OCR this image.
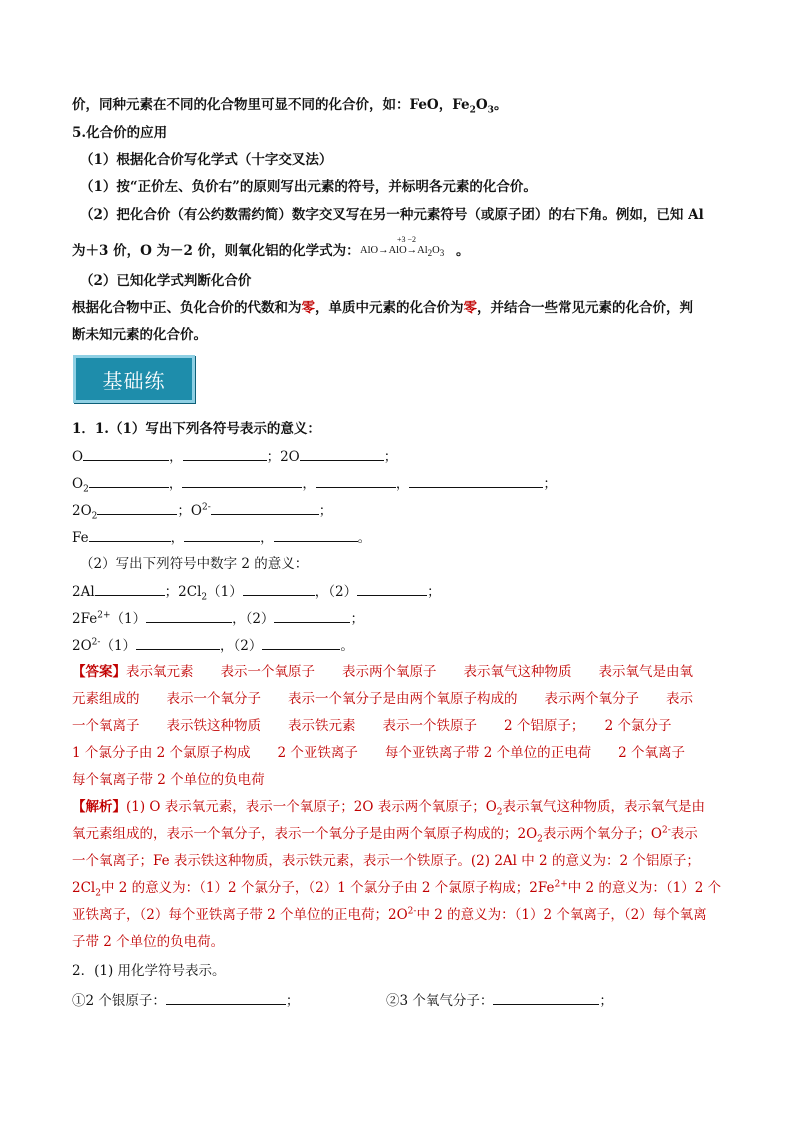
价，同种元素在不同的化合物里可显不同的化合价，如：FeO，$Fe_2O_3$。
5.化合价的应用
（1）根据化合价写化学式（十字交叉法）
（1）按“正价左、负价右”的原则写出元素的符号，并标明各元素的化合价。
（2）把化合价（有公约数需约简）数字交叉写在另一种元素符号（或原子团）的右下角。例如，已知 Al
为＋3 价，O 为－2 价，则氧化铝的化学式为：
+3 −2
$AlO\to AlO\to Al_2O_3$ 。
（2）已知化学式判断化合价
根据化合物中正、负化合价的代数和为零，单质中元素的化合价为零，并结合一些常见元素的化合价，判
断未知元素的化合价。
基础练
1．1.（1）写出下列各符号表示的意义：
O	，	；2O	；
$O_2$	，	，	，	；
$2O_2$	；$O^{2-}$	；
Fe	，	，	。
（2）写出下列符号中数字 2 的意义：
2Al	；$2Cl_2(1)$	，（2）	；
$2Fe^{2+}(1)$	，（2）	；
$2O^{2-}(1)$	，（2）	。
【答案】表示氧元素　　表示一个氧原子　　表示两个氧原子　　表示氧气这种物质　　表示氧气是由氧
元素组成的　　表示一个氧分子　　表示一个氧分子是由两个氧原子构成的　　表示两个氧分子　　表示
一个氧离子　　表示铁这种物质　　表示铁元素　　表示一个铁原子　　2 个铝原子；　　2 个氯分子
1 个氯分子由 2 个氯原子构成　　2 个亚铁离子　　每个亚铁离子带 2 个单位的正电荷　　2 个氧离子
每个氧离子带 2 个单位的负电荷
【解析】(1) O 表示氧元素，表示一个氧原子；2O 表示两个氧原子；$O_2$表示氧气这种物质，表示氧气是由
氧元素组成的，表示一个氧分子，表示一个氧分子是由两个氧原子构成的；$2O_2$表示两个氧分子；$O^{2-}$表示
一个氧离子；Fe 表示铁这种物质，表示铁元素，表示一个铁原子。(2) 2Al 中 2 的意义为：2 个铝原子；
$2Cl_2$中 2 的意义为：（1）2 个氯分子，（2）1 个氯分子由 2 个氯原子构成；$2Fe^{2+}$中 2 的意义为：（1）2 个
亚铁离子，（2）每个亚铁离子带 2 个单位的正电荷；$2O^{2-}$中 2 的意义为：（1）2 个氧离子，（2）每个氧离
子带 2 个单位的负电荷。
2．(1) 用化学符号表示。
①2 个银原子：	；	②3 个氧气分子：	；
